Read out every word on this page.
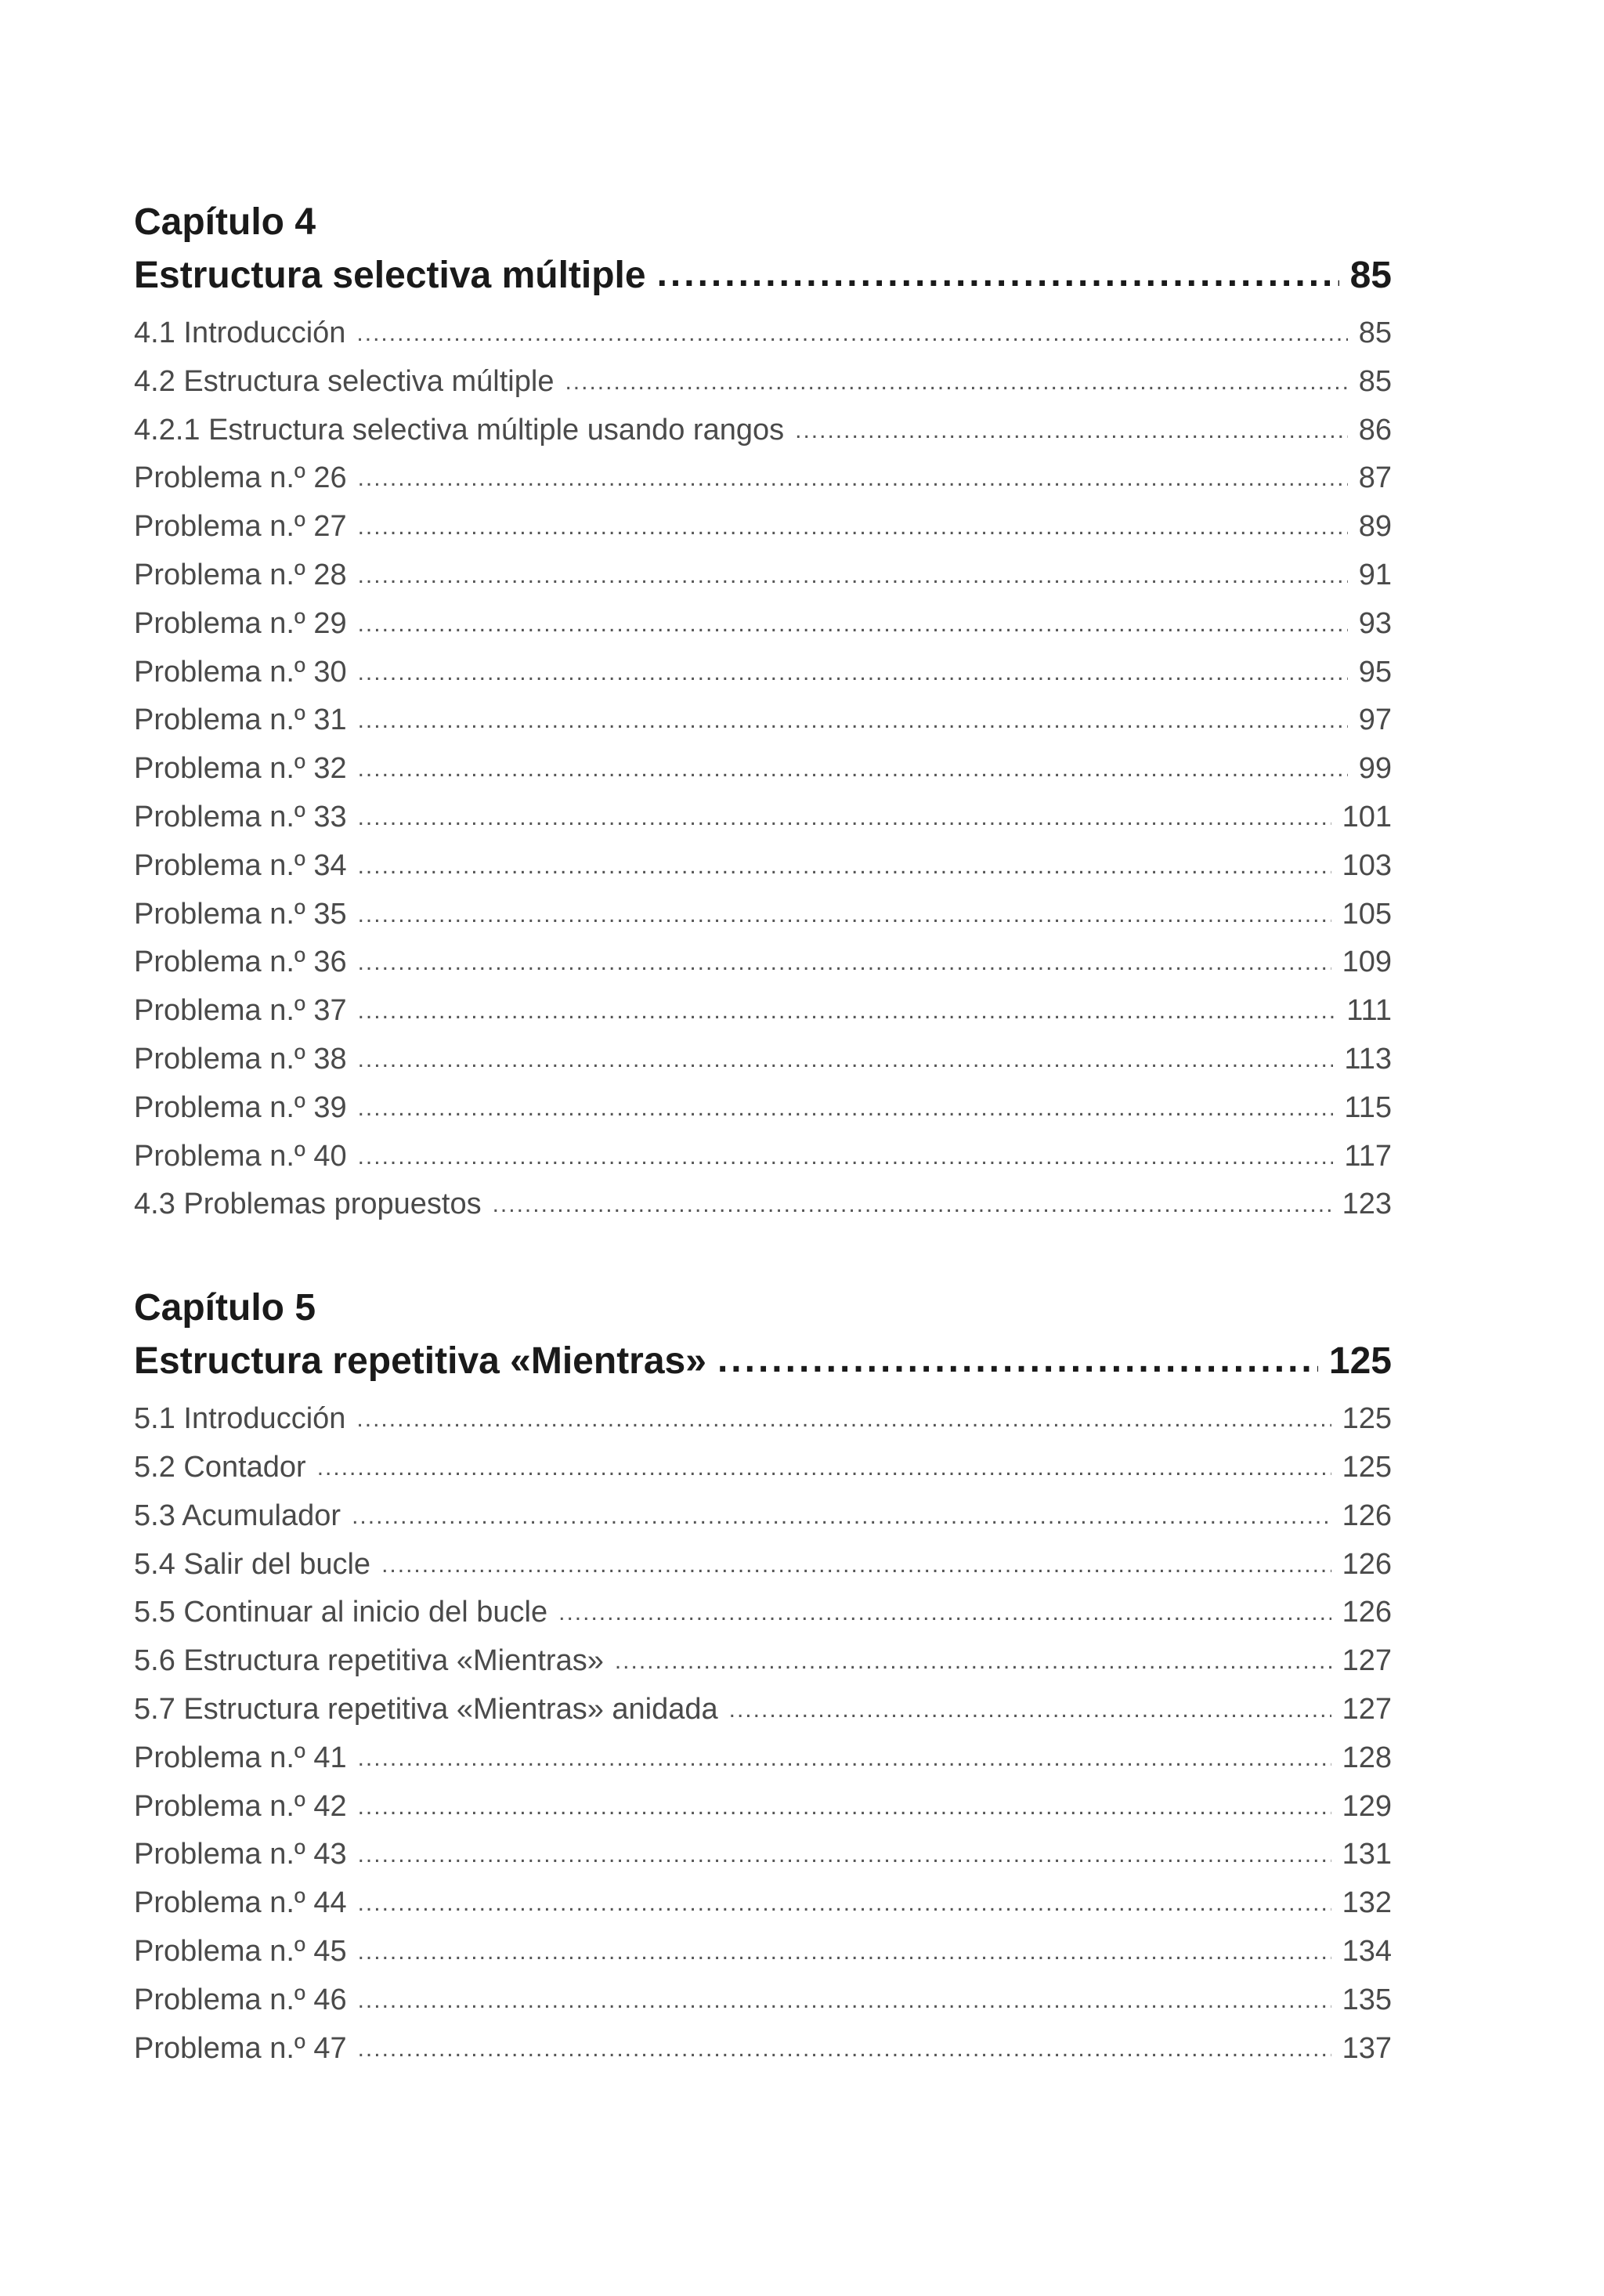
Capítulo 4
Estructura selectiva múltiple .....	85
4.1 Introducción .....	85
4.2 Estructura selectiva múltiple .....	85
4.2.1 Estructura selectiva múltiple usando rangos .....	86
Problema n.º 26 .....	87
Problema n.º 27 .....	89
Problema n.º 28 .....	91
Problema n.º 29 .....	93
Problema n.º 30 .....	95
Problema n.º 31 .....	97
Problema n.º 32 .....	99
Problema n.º 33 .....	101
Problema n.º 34 .....	103
Problema n.º 35 .....	105
Problema n.º 36 .....	109
Problema n.º 37 .....	111
Problema n.º 38 .....	113
Problema n.º 39 .....	115
Problema n.º 40 .....	117
4.3 Problemas propuestos .....	123
Capítulo 5
Estructura repetitiva «Mientras» .....	125
5.1 Introducción .....	125
5.2 Contador .....	125
5.3 Acumulador .....	126
5.4 Salir del bucle .....	126
5.5 Continuar al inicio del bucle .....	126
5.6 Estructura repetitiva «Mientras» .....	127
5.7 Estructura repetitiva «Mientras» anidada .....	127
Problema n.º 41 .....	128
Problema n.º 42 .....	129
Problema n.º 43 .....	131
Problema n.º 44 .....	132
Problema n.º 45 .....	134
Problema n.º 46 .....	135
Problema n.º 47 .....	137
